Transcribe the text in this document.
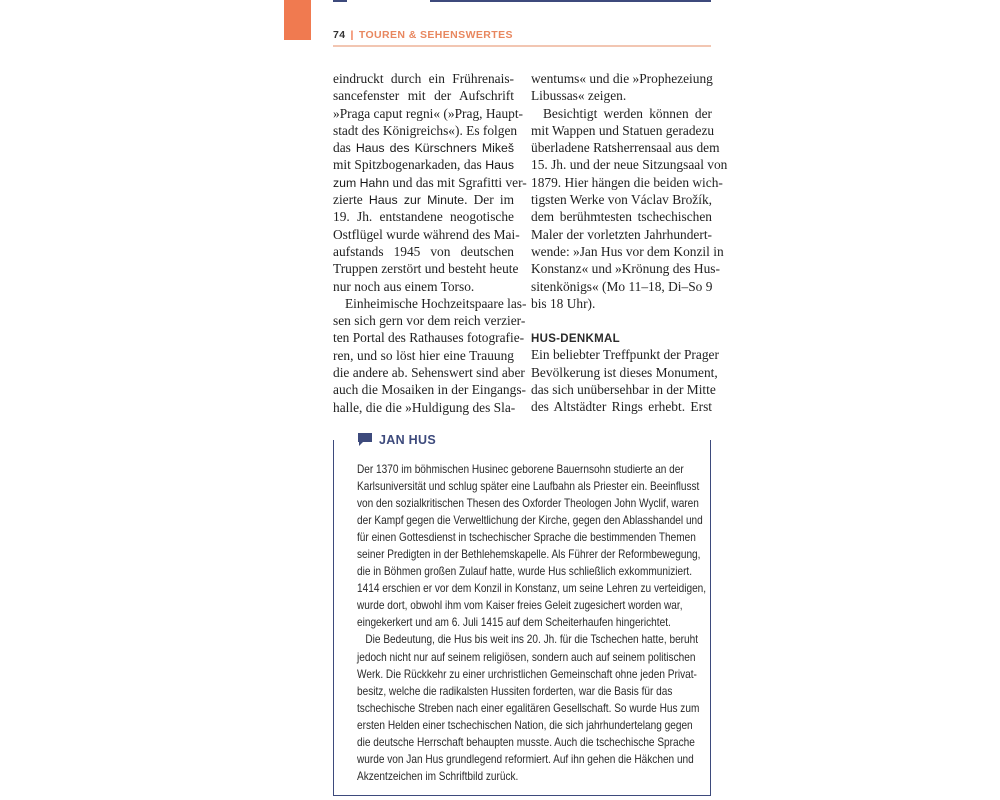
74 | TOUREN & SEHENSWERTES
eindruckt durch ein Frührenais-
sancefenster mit der Aufschrift
»Praga caput regni« (»Prag, Haupt-
stadt des Königreichs«). Es folgen
das Haus des Kürschners Mikeš
mit Spitzbogenarkaden, das Haus
zum Hahn und das mit Sgrafitti ver-
zierte Haus zur Minute. Der im
19. Jh. entstandene neogotische
Ostflügel wurde während des Mai-
aufstands 1945 von deutschen
Truppen zerstört und besteht heute
nur noch aus einem Torso.
Einheimische Hochzeitspaare las-
sen sich gern vor dem reich verzier-
ten Portal des Rathauses fotografie-
ren, und so löst hier eine Trauung
die andere ab. Sehenswert sind aber
auch die Mosaiken in der Eingangs-
halle, die die »Huldigung des Sla-
wentums« und die »Prophezeiung
Libussas« zeigen.
Besichtigt werden können der
mit Wappen und Statuen geradezu
überladene Ratsherrensaal aus dem
15. Jh. und der neue Sitzungsaal von
1879. Hier hängen die beiden wich-
tigsten Werke von Václav Brožík,
dem berühmtesten tschechischen
Maler der vorletzten Jahrhundert-
wende: »Jan Hus vor dem Konzil in
Konstanz« und »Krönung des Hus-
sitenkönigs« (Mo 11–18, Di–So 9
bis 18 Uhr).
HUS-DENKMAL
Ein beliebter Treffpunkt der Prager
Bevölkerung ist dieses Monument,
das sich unübersehbar in der Mitte
des Altstädter Rings erhebt. Erst
JAN HUS
Der 1370 im böhmischen Husinec geborene Bauernsohn studierte an der
Karlsuniversität und schlug später eine Laufbahn als Priester ein. Beeinflusst
von den sozialkritischen Thesen des Oxforder Theologen John Wyclif, waren
der Kampf gegen die Verweltlichung der Kirche, gegen den Ablasshandel und
für einen Gottesdienst in tschechischer Sprache die bestimmenden Themen
seiner Predigten in der Bethlehemskapelle. Als Führer der Reformbewegung,
die in Böhmen großen Zulauf hatte, wurde Hus schließlich exkommuniziert.
1414 erschien er vor dem Konzil in Konstanz, um seine Lehren zu verteidigen,
wurde dort, obwohl ihm vom Kaiser freies Geleit zugesichert worden war,
eingekerkert und am 6. Juli 1415 auf dem Scheiterhaufen hingerichtet.
Die Bedeutung, die Hus bis weit ins 20. Jh. für die Tschechen hatte, beruht
jedoch nicht nur auf seinem religiösen, sondern auch auf seinem politischen
Werk. Die Rückkehr zu einer urchristlichen Gemeinschaft ohne jeden Privat-
besitz, welche die radikalsten Hussiten forderten, war die Basis für das
tschechische Streben nach einer egalitären Gesellschaft. So wurde Hus zum
ersten Helden einer tschechischen Nation, die sich jahrhundertelang gegen
die deutsche Herrschaft behaupten musste. Auch die tschechische Sprache
wurde von Jan Hus grundlegend reformiert. Auf ihn gehen die Häkchen und
Akzentzeichen im Schriftbild zurück.
